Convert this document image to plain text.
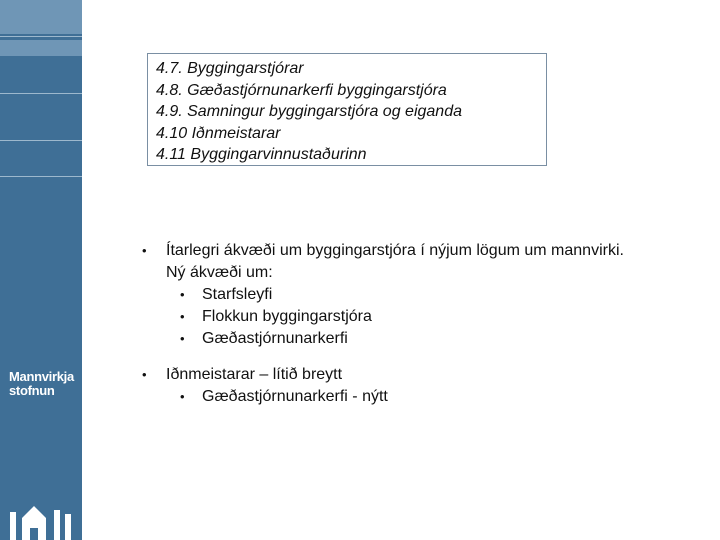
Mannvirkja
stofnun
4.7. Byggingarstjórar
4.8. Gæðastjórnunarkerfi byggingarstjóra
4.9. Samningur byggingarstjóra og eiganda
4.10 Iðnmeistarar
4.11 Byggingarvinnustaðurinn
•	Ítarlegri ákvæði um byggingarstjóra í nýjum lögum um mannvirki. Ný ákvæði um:
•	Starfsleyfi
•	Flokkun byggingarstjóra
•	Gæðastjórnunarkerfi
•	Iðnmeistarar – lítið breytt
•	Gæðastjórnunarkerfi - nýtt
